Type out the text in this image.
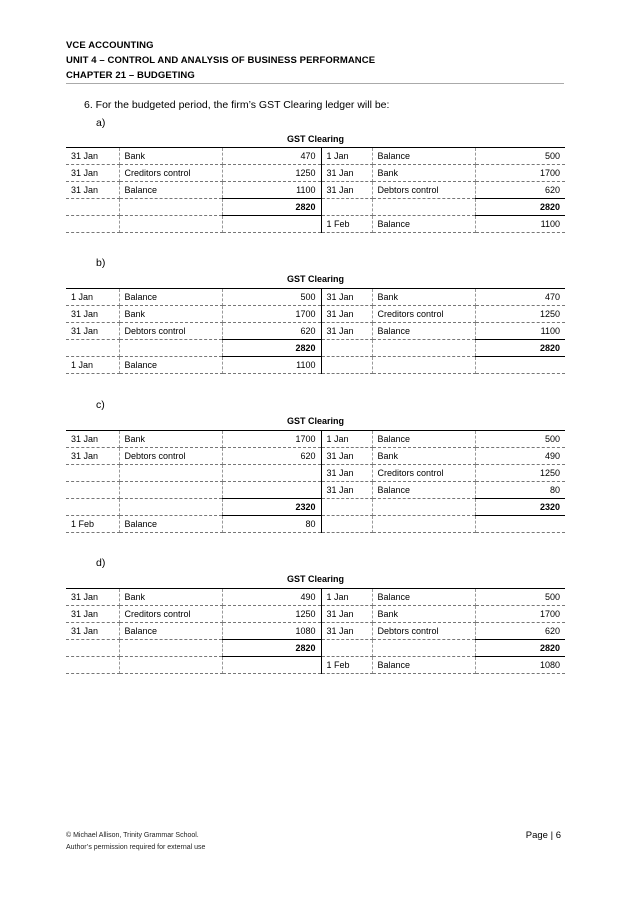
VCE ACCOUNTING
UNIT 4 – CONTROL AND ANALYSIS OF BUSINESS PERFORMANCE
CHAPTER 21 – BUDGETING
6. For the budgeted period, the firm’s GST Clearing ledger will be:
a)
GST Clearing
31 Jan	Bank	470	1 Jan	Balance	500
31 Jan	Creditors control	1250	31 Jan	Bank	1700
31 Jan	Balance	1100	31 Jan	Debtors control	620
		2820			2820
			1 Feb	Balance	1100
b)
GST Clearing
1 Jan	Balance	500	31 Jan	Bank	470
31 Jan	Bank	1700	31 Jan	Creditors control	1250
31 Jan	Debtors control	620	31 Jan	Balance	1100
		2820			2820
1 Jan	Balance	1100			
c)
GST Clearing
31 Jan	Bank	1700	1 Jan	Balance	500
31 Jan	Debtors control	620	31 Jan	Bank	490
			31 Jan	Creditors control	1250
			31 Jan	Balance	80
		2320			2320
1 Feb	Balance	80			
d)
GST Clearing
31 Jan	Bank	490	1 Jan	Balance	500
31 Jan	Creditors control	1250	31 Jan	Bank	1700
31 Jan	Balance	1080	31 Jan	Debtors control	620
		2820			2820
			1 Feb	Balance	1080
© Michael Allison, Trinity Grammar School.
Author’s permission required for external use
Page | 6
